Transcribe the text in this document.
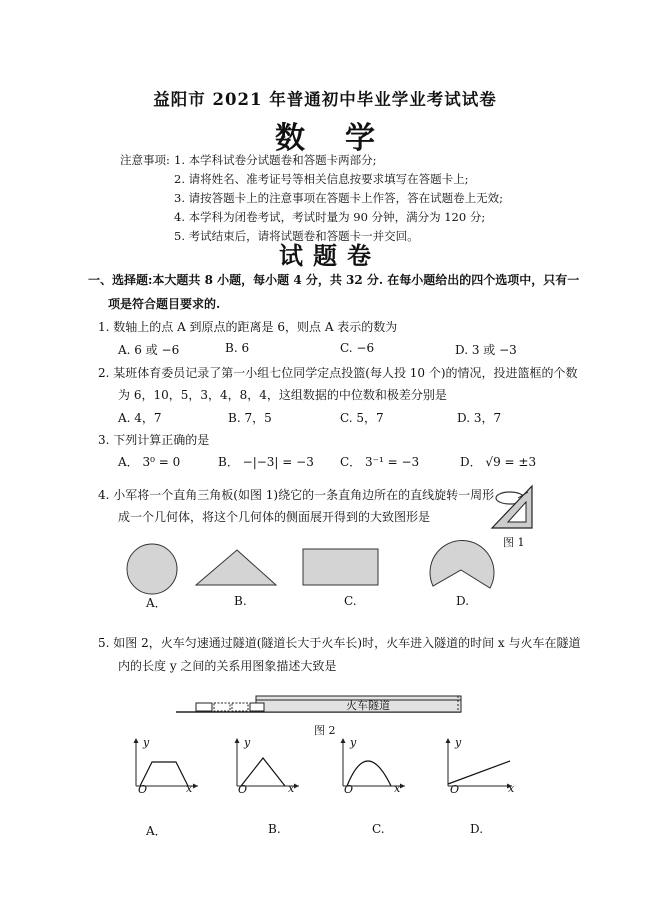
益阳市 2021 年普通初中毕业学业考试试卷
数学
注意事项: 1. 本学科试卷分试题卷和答题卡两部分;
2. 请将姓名、准考证号等相关信息按要求填写在答题卡上;
3. 请按答题卡上的注意事项在答题卡上作答，答在试题卷上无效;
4. 本学科为闭卷考试，考试时量为 90 分钟，满分为 120 分;
5. 考试结束后，请将试题卷和答题卡一并交回。
试题卷
一、选择题:本大题共 8 小题，每小题 4 分，共 32 分. 在每小题给出的四个选项中，只有一
项是符合题目要求的.
1. 数轴上的点 A 到原点的距离是 6，则点 A 表示的数为
A. 6 或 −6	B. 6	C. −6	D. 3 或 −3
2. 某班体育委员记录了第一小组七位同学定点投篮(每人投 10 个)的情况，投进篮框的个数
为 6，10，5，3，4，8，4，这组数据的中位数和极差分别是
A. 4，7	B. 7，5	C. 5，7	D. 3，7
3. 下列计算正确的是
A． 3⁰ = 0	B． −|−3| = −3 C． 3⁻¹ = −3	D． √9 = ±3
4. 小军将一个直角三角板(如图 1)绕它的一条直角边所在的直线旋转一周形
成一个几何体，将这个几何体的侧面展开得到的大致图形是
图 1
A．	B.	C.	D.
5. 如图 2，火车匀速通过隧道(隧道长大于火车长)时，火车进入隧道的时间 x 与火车在隧道
内的长度 y 之间的关系用图象描述大致是
火车隧道
图 2
y
x
O
y
x
O
y
x
O
y
x
O
A．	B.	C.	D.
